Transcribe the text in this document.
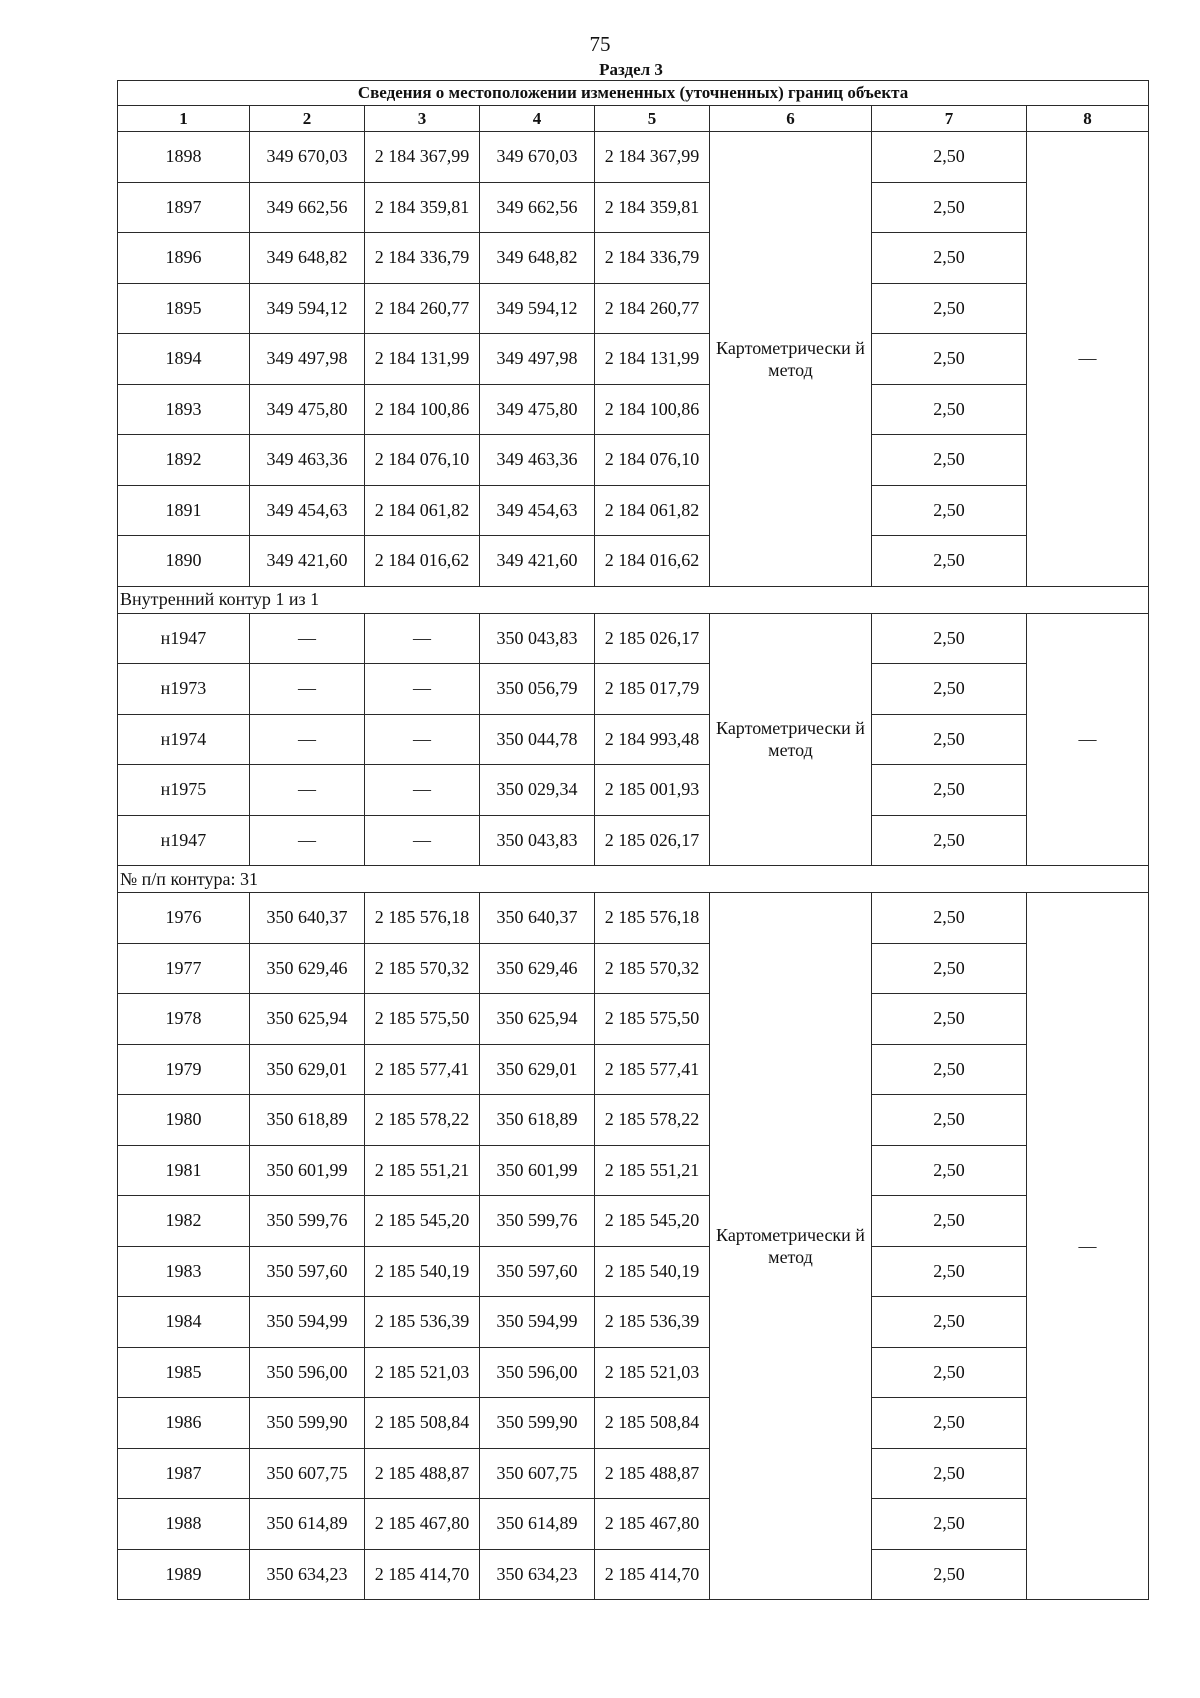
75
Раздел 3
Сведения о местоположении измененных (уточненных) границ объекта							
1	2	3	4	5	6	7	8
1898	349 670,03	2 184 367,99	349 670,03	2 184 367,99	Картометрически й метод	2,50	—
1897	349 662,56	2 184 359,81	349 662,56	2 184 359,81		2,50	
1896	349 648,82	2 184 336,79	349 648,82	2 184 336,79		2,50	
1895	349 594,12	2 184 260,77	349 594,12	2 184 260,77		2,50	
1894	349 497,98	2 184 131,99	349 497,98	2 184 131,99		2,50	
1893	349 475,80	2 184 100,86	349 475,80	2 184 100,86		2,50	
1892	349 463,36	2 184 076,10	349 463,36	2 184 076,10		2,50	
1891	349 454,63	2 184 061,82	349 454,63	2 184 061,82		2,50	
1890	349 421,60	2 184 016,62	349 421,60	2 184 016,62		2,50	
Внутренний контур 1 из 1							
н1947	—	—	350 043,83	2 185 026,17	Картометрически й метод	2,50	—
н1973	—	—	350 056,79	2 185 017,79		2,50	
н1974	—	—	350 044,78	2 184 993,48		2,50	
н1975	—	—	350 029,34	2 185 001,93		2,50	
н1947	—	—	350 043,83	2 185 026,17		2,50	
№ п/п контура: 31							
1976	350 640,37	2 185 576,18	350 640,37	2 185 576,18	Картометрически й метод	2,50	—
1977	350 629,46	2 185 570,32	350 629,46	2 185 570,32		2,50	
1978	350 625,94	2 185 575,50	350 625,94	2 185 575,50		2,50	
1979	350 629,01	2 185 577,41	350 629,01	2 185 577,41		2,50	
1980	350 618,89	2 185 578,22	350 618,89	2 185 578,22		2,50	
1981	350 601,99	2 185 551,21	350 601,99	2 185 551,21		2,50	
1982	350 599,76	2 185 545,20	350 599,76	2 185 545,20		2,50	
1983	350 597,60	2 185 540,19	350 597,60	2 185 540,19		2,50	
1984	350 594,99	2 185 536,39	350 594,99	2 185 536,39		2,50	
1985	350 596,00	2 185 521,03	350 596,00	2 185 521,03		2,50	
1986	350 599,90	2 185 508,84	350 599,90	2 185 508,84		2,50	
1987	350 607,75	2 185 488,87	350 607,75	2 185 488,87		2,50	
1988	350 614,89	2 185 467,80	350 614,89	2 185 467,80		2,50	
1989	350 634,23	2 185 414,70	350 634,23	2 185 414,70		2,50	
